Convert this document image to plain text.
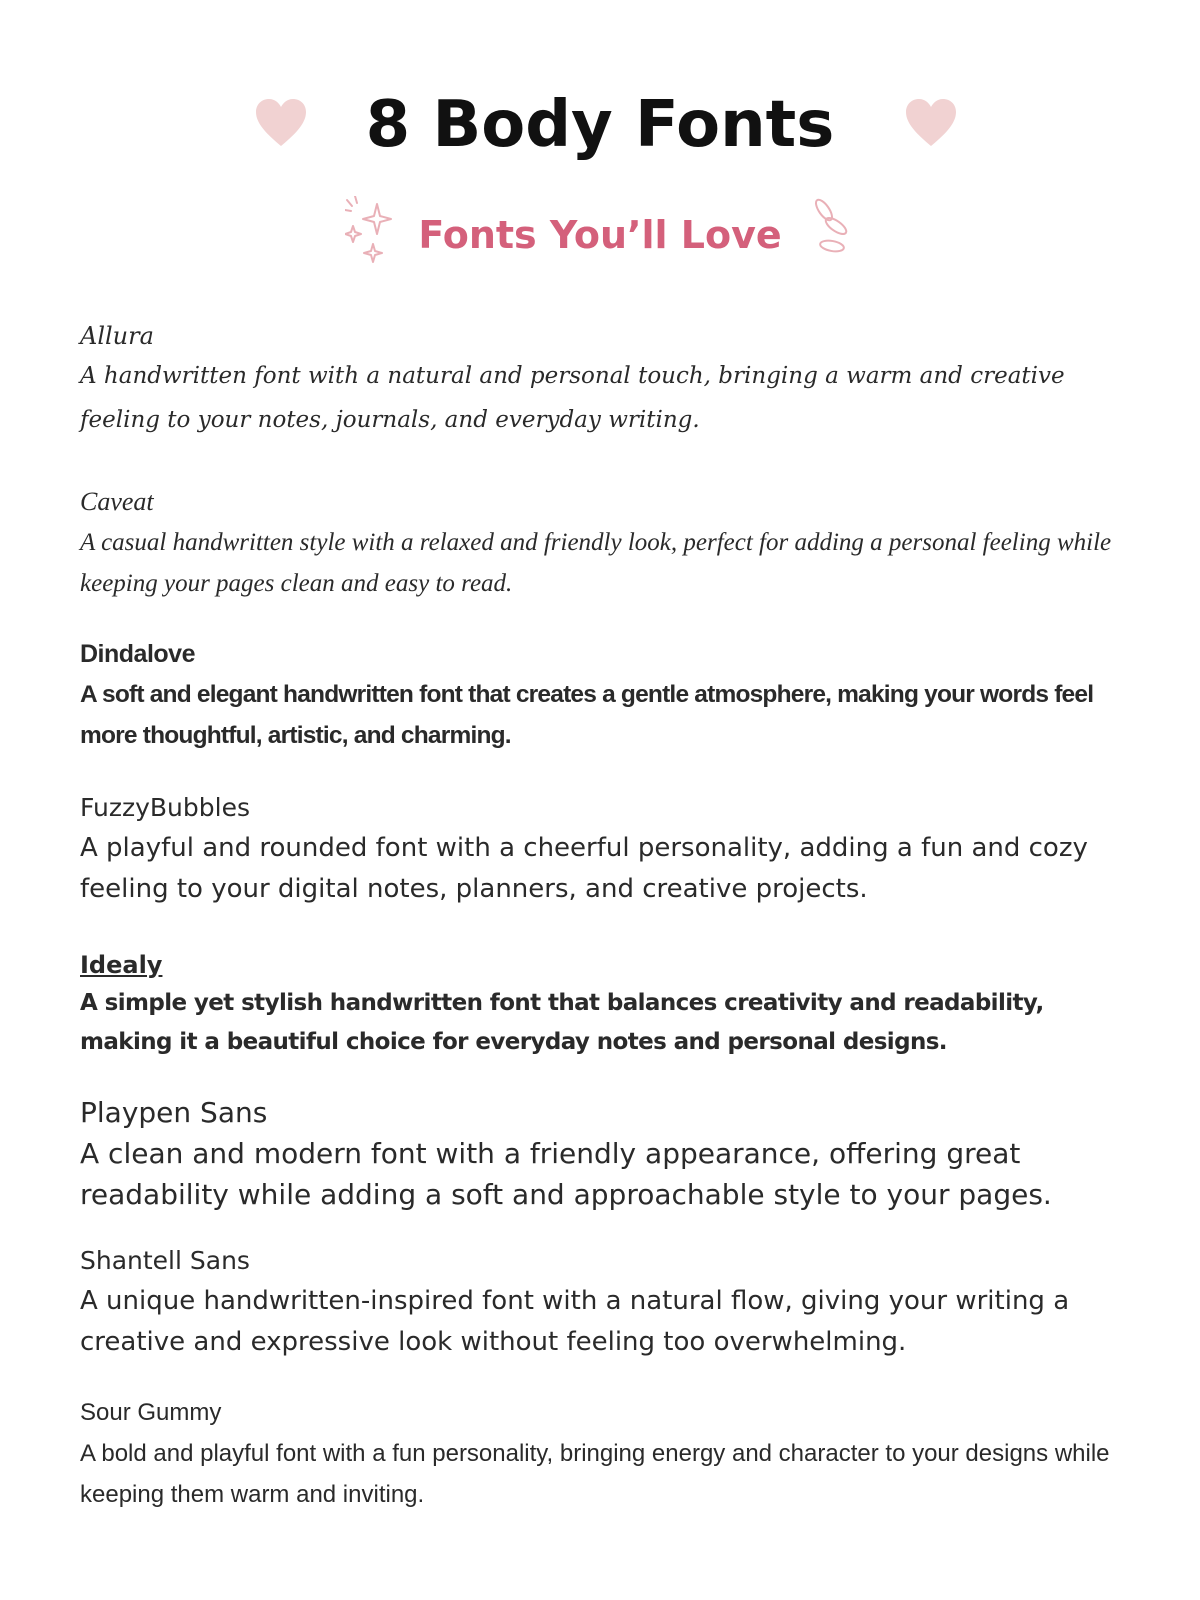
8 Body Fonts
Fonts You’ll Love

Allura

A handwritten font with a natural and personal touch, bringing a warm and creative feeling to your notes, journals, and everyday writing.

Caveat

A casual handwritten style with a relaxed and friendly look, perfect for adding a personal feeling while keeping your pages clean and easy to read.

Dindalove

A soft and elegant handwritten font that creates a gentle atmosphere, making your words feel more thoughtful, artistic, and charming.

FuzzyBubbles

A playful and rounded font with a cheerful personality, adding a fun and cozy feeling to your digital notes, planners, and creative projects.

Idealy

A simple yet stylish handwritten font that balances creativity and readability, making it a beautiful choice for everyday notes and personal designs.

Playpen Sans

A clean and modern font with a friendly appearance, offering great readability while adding a soft and approachable style to your pages.

Shantell Sans

A unique handwritten-inspired font with a natural flow, giving your writing a creative and expressive look without feeling too overwhelming.

Sour Gummy

A bold and playful font with a fun personality, bringing energy and character to your designs while keeping them warm and inviting.
